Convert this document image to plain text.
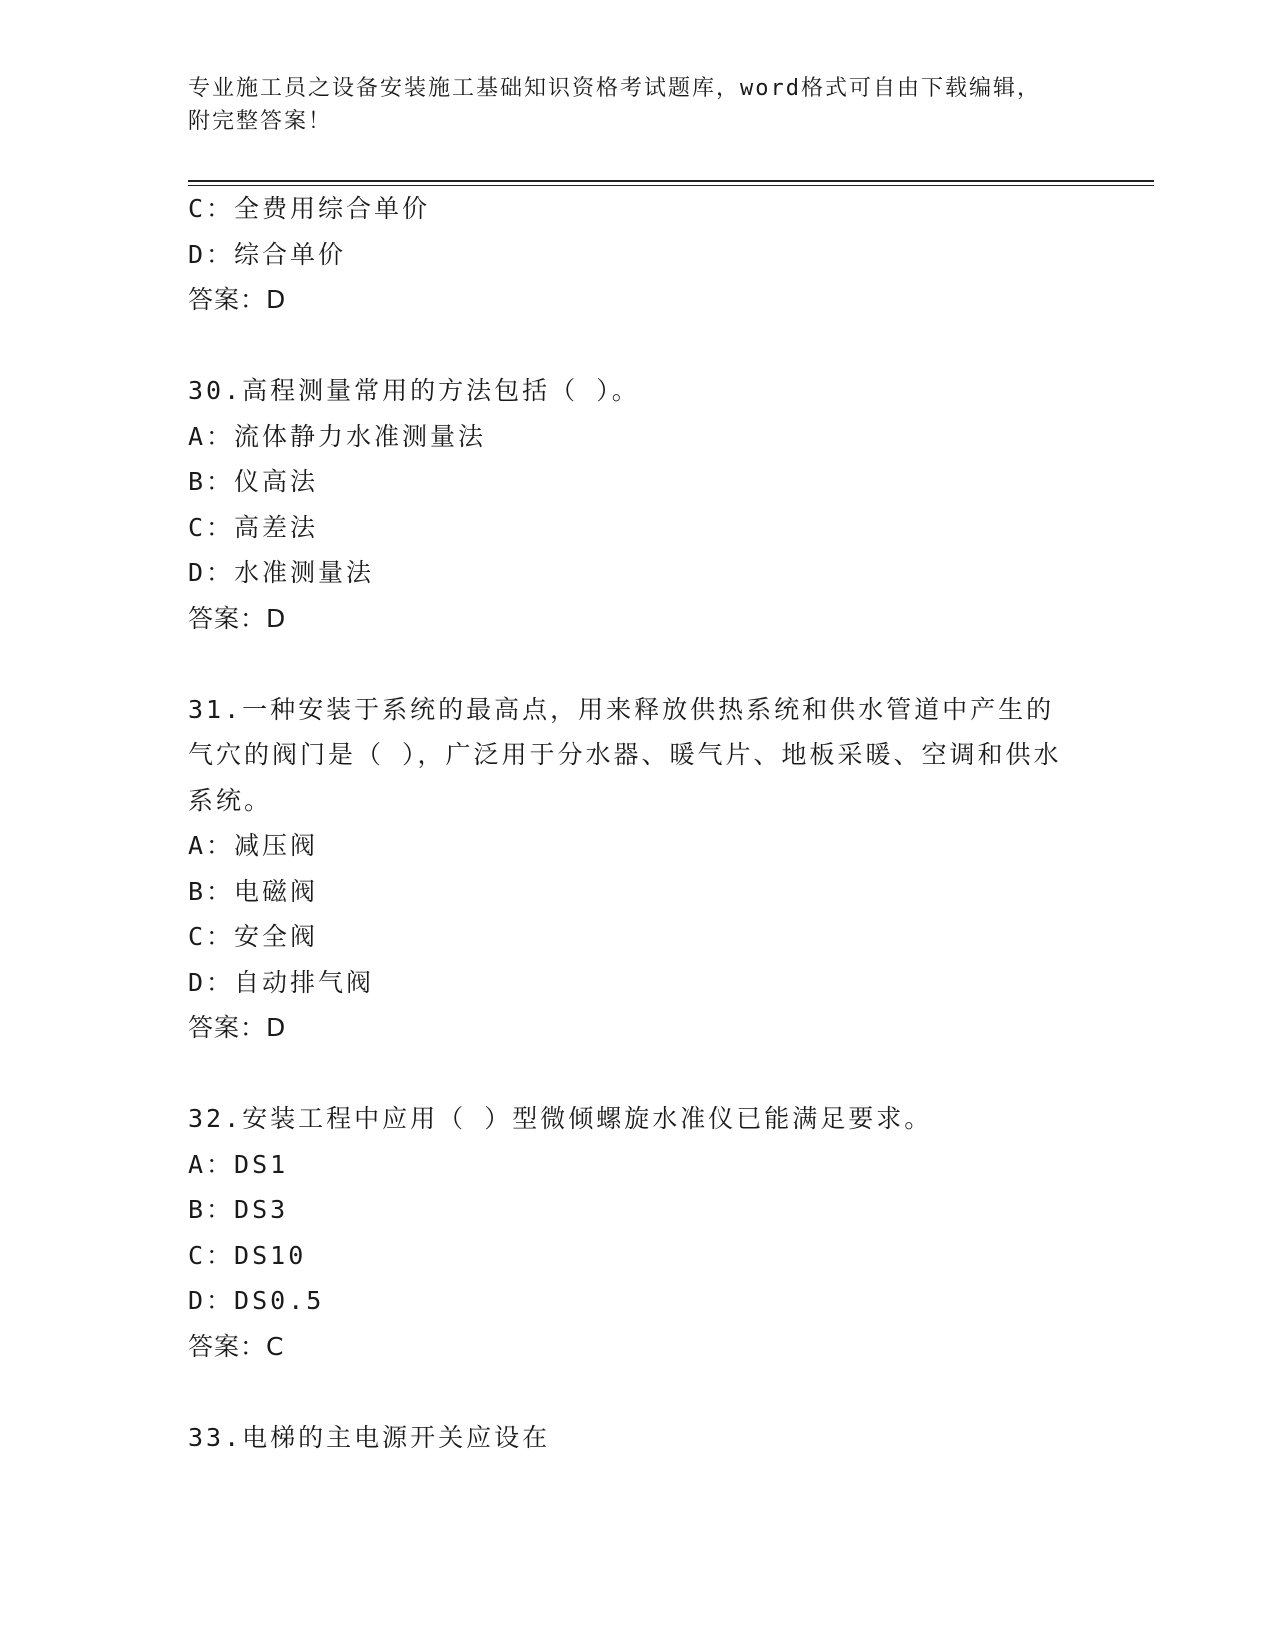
专业施工员之设备安装施工基础知识资格考试题库，word格式可自由下载编辑，
附完整答案！
C：全费用综合单价
D：综合单价
答案：D
30.高程测量常用的方法包括（ ）。
A：流体静力水准测量法
B：仪高法
C：高差法
D：水准测量法
答案：D
31.一种安装于系统的最高点，用来释放供热系统和供水管道中产生的气穴的阀门是（ ），广泛用于分水器、暖气片、地板采暖、空调和供水系统。
A：减压阀
B：电磁阀
C：安全阀
D：自动排气阀
答案：D
32.安装工程中应用（ ）型微倾螺旋水准仪已能满足要求。
A：DS1
B：DS3
C：DS10
D：DS0.5
答案：C
33.电梯的主电源开关应设在
